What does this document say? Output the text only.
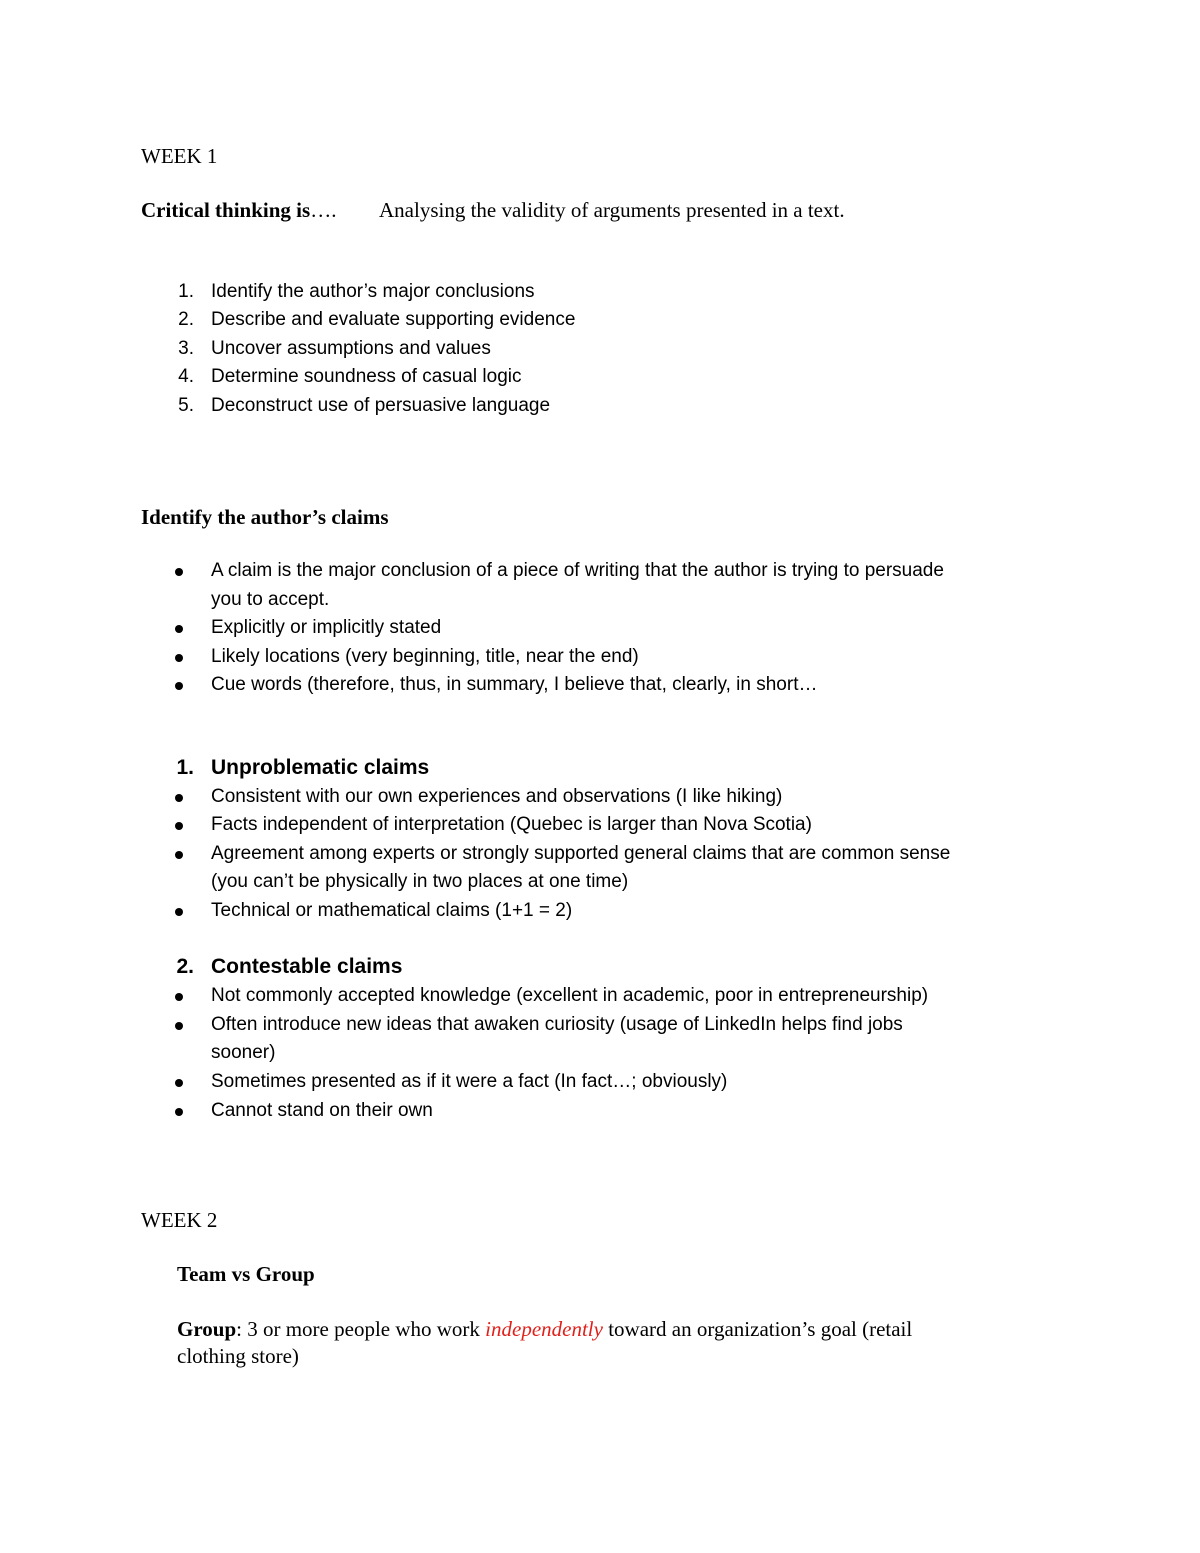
WEEK 1
Critical thinking is…. Analysing the validity of arguments presented in a text.
1. Identify the author’s major conclusions
2. Describe and evaluate supporting evidence
3. Uncover assumptions and values
4. Determine soundness of casual logic
5. Deconstruct use of persuasive language
Identify the author’s claims
A claim is the major conclusion of a piece of writing that the author is trying to persuade
you to accept.
Explicitly or implicitly stated
Likely locations (very beginning, title, near the end)
Cue words (therefore, thus, in summary, I believe that, clearly, in short…
1. Unproblematic claims
Consistent with our own experiences and observations (I like hiking)
Facts independent of interpretation (Quebec is larger than Nova Scotia)
Agreement among experts or strongly supported general claims that are common sense
(you can’t be physically in two places at one time)
Technical or mathematical claims (1+1 = 2)
2. Contestable claims
Not commonly accepted knowledge (excellent in academic, poor in entrepreneurship)
Often introduce new ideas that awaken curiosity (usage of LinkedIn helps find jobs
sooner)
Sometimes presented as if it were a fact (In fact…; obviously)
Cannot stand on their own
WEEK 2
Team vs Group
Group: 3 or more people who work independently toward an organization’s goal (retail
clothing store)
